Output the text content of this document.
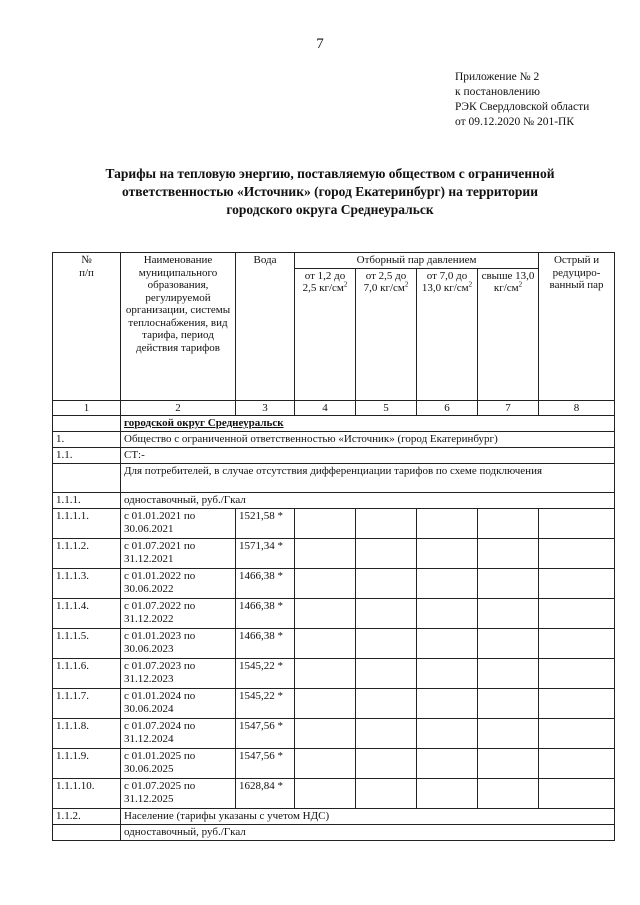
7
Приложение № 2
к постановлению
РЭК Свердловской области
от 09.12.2020 № 201-ПК
Тарифы на тепловую энергию, поставляемую обществом с ограниченной
ответственностью «Источник» (город Екатеринбург) на территории
городского округа Среднеуральск
№
п/п	Наименование муниципального образования, регулируемой организации, системы теплоснабжения, вид тарифа, период действия тарифов	Вода	Отборный пар давлением				Острый и редуциро-ванный пар
			от 1,2 до 2,5 $кг/см^2$	от 2,5 до 7,0 $кг/см^2$	от 7,0 до 13,0 $кг/см^2$	свыше 13,0 $кг/см^2$
1	2	3	4	5	6	7	8
	городской округ Среднеуральск						
1.	Общество с ограниченной ответственностью «Источник» (город Екатеринбург)						
1.1.	СТ:-						
	Для потребителей, в случае отсутствия дифференциации тарифов по схеме подключения						
1.1.1.	одноставочный, руб./Гкал						
1.1.1.1.	с 01.01.2021 по 30.06.2021	1521,58 *					
1.1.1.2.	с 01.07.2021 по 31.12.2021	1571,34 *					
1.1.1.3.	с 01.01.2022 по 30.06.2022	1466,38 *					
1.1.1.4.	с 01.07.2022 по 31.12.2022	1466,38 *					
1.1.1.5.	с 01.01.2023 по 30.06.2023	1466,38 *					
1.1.1.6.	с 01.07.2023 по 31.12.2023	1545,22 *					
1.1.1.7.	с 01.01.2024 по 30.06.2024	1545,22 *					
1.1.1.8.	с 01.07.2024 по 31.12.2024	1547,56 *					
1.1.1.9.	с 01.01.2025 по 30.06.2025	1547,56 *					
1.1.1.10.	с 01.07.2025 по 31.12.2025	1628,84 *					
1.1.2.	Население (тарифы указаны с учетом НДС)						
	одноставочный, руб./Гкал						
